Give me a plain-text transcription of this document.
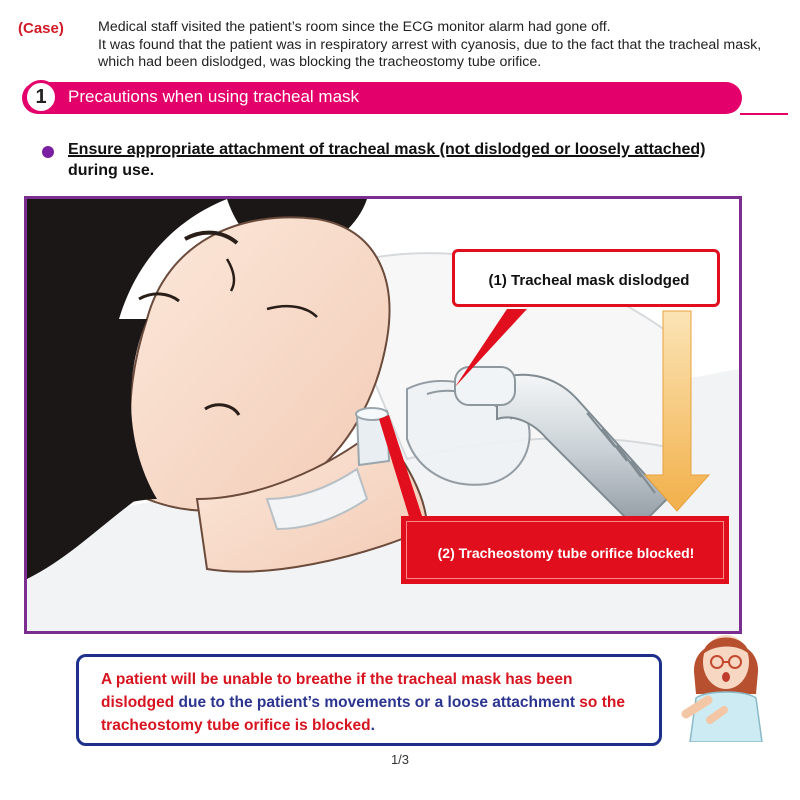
(Case) Medical staff visited the patient’s room since the ECG monitor alarm had gone off.
It was found that the patient was in respiratory arrest with cyanosis, due to the fact that the tracheal mask, which had been dislodged, was blocking the tracheostomy tube orifice.
1	Precautions when using tracheal mask
Ensure appropriate attachment of tracheal mask (not dislodged or loosely attached) during use.
(1) Tracheal mask dislodged
(2) Tracheostomy tube orifice blocked!
A patient will be unable to breathe if the tracheal mask has been dislodged due to the patient’s movements or a loose attachment so the tracheostomy tube orifice is blocked.
1/3
